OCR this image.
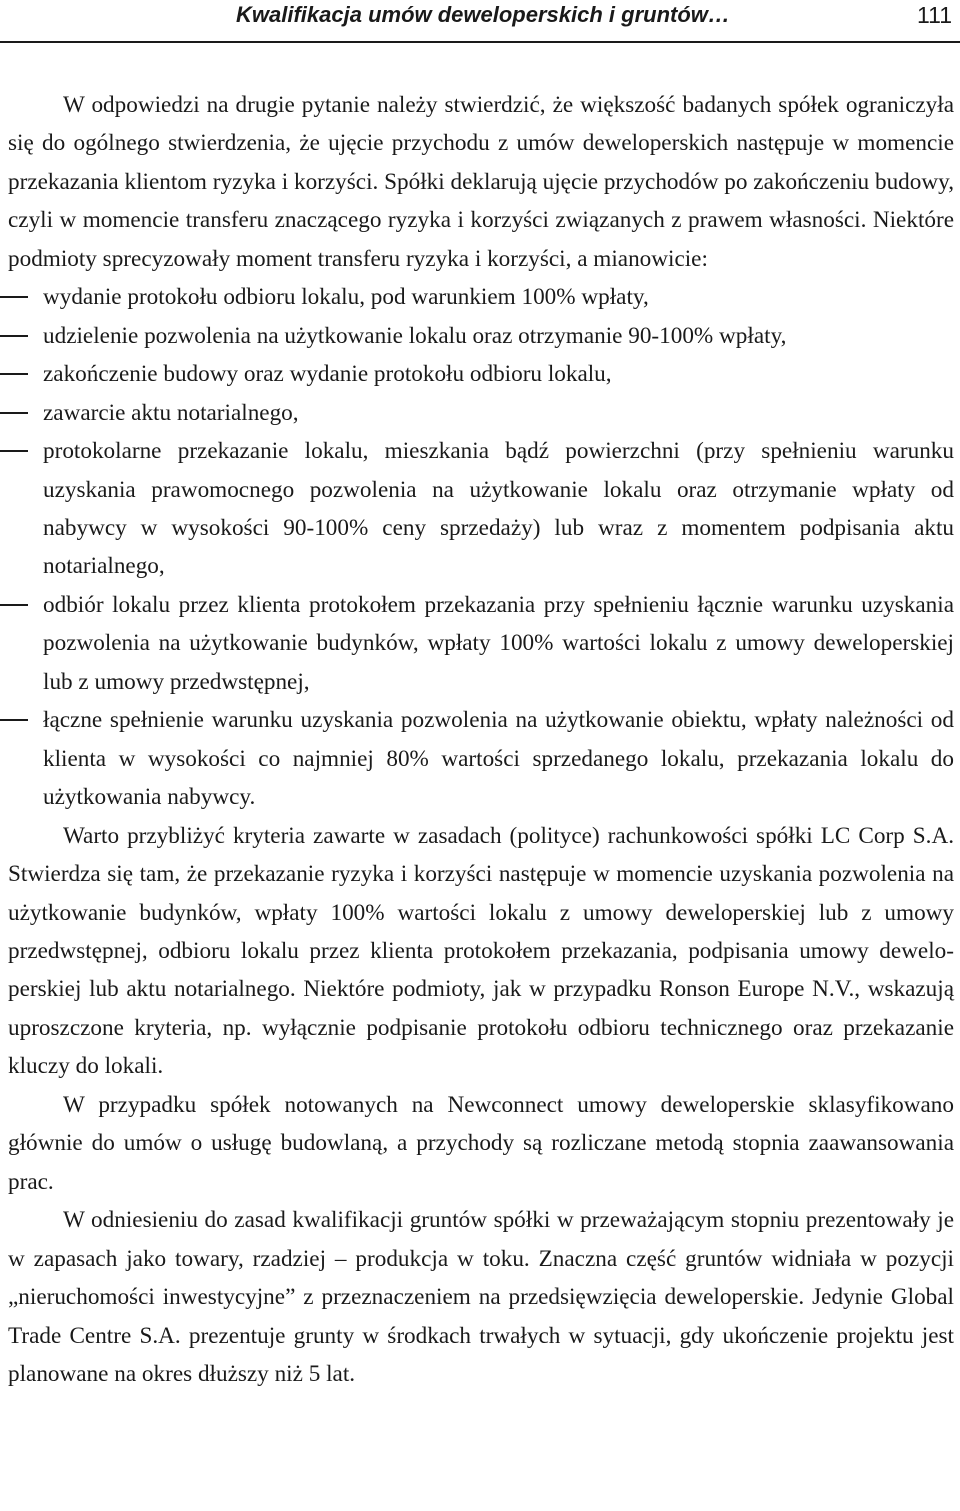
Kwalifikacja umów deweloperskich i gruntów…	111

W odpowiedzi na drugie pytanie należy stwierdzić, że większość badanych spółek ograniczyła się do ogólnego stwierdzenia, że ujęcie przychodu z umów deweloperskich następuje w momencie przekazania klientom ryzyka i korzyści. Spółki deklarują ujęcie przychodów po zakończeniu budowy, czyli w momencie transferu znaczącego ryzyka i korzyści związanych z prawem własności. Niektóre podmioty sprecyzowały moment transferu ryzyka i korzyści, a mianowicie:

wydanie protokołu odbioru lokalu, pod warunkiem 100% wpłaty,
udzielenie pozwolenia na użytkowanie lokalu oraz otrzymanie 90-100% wpłaty,
zakończenie budowy oraz wydanie protokołu odbioru lokalu,
zawarcie aktu notarialnego,
protokolarne przekazanie lokalu, mieszkania bądź powierzchni (przy spełnieniu warunku uzyskania prawomocnego pozwolenia na użytkowanie lokalu oraz otrzymanie wpłaty od nabywcy w wysokości 90-100% ceny sprzedaży) lub wraz z momentem podpisania aktu notarialnego,
odbiór lokalu przez klienta protokołem przekazania przy spełnieniu łącznie warunku uzyskania pozwolenia na użytkowanie budynków, wpłaty 100% wartości lokalu z umowy deweloperskiej lub z umowy przedwstępnej,
łączne spełnienie warunku uzyskania pozwolenia na użytkowanie obiektu, wpłaty należności od klienta w wysokości co najmniej 80% wartości sprzedanego lokalu, przekazania lokalu do użytkowania nabywcy.

Warto przybliżyć kryteria zawarte w zasadach (polityce) rachunkowości spółki LC Corp S.A. Stwierdza się tam, że przekazanie ryzyka i korzyści następuje w momencie uzyskania pozwolenia na użytkowanie budynków, wpłaty 100% wartości lokalu z umowy deweloperskiej lub z umowy przedwstępnej, odbioru lokalu przez klienta protokołem przekazania, podpisania umowy deweloperskiej lub aktu notarialnego. Niektóre podmioty, jak w przypadku Ronson Europe N.V., wskazują uproszczone kryteria, np. wyłącznie podpisanie protokołu odbioru technicznego oraz przekazanie kluczy do lokali.

W przypadku spółek notowanych na Newconnect umowy deweloperskie sklasyfikowano głównie do umów o usługę budowlaną, a przychody są rozliczane metodą stopnia zaawansowania prac.

W odniesieniu do zasad kwalifikacji gruntów spółki w przeważającym stopniu prezentowały je w zapasach jako towary, rzadziej – produkcja w toku. Znaczna część gruntów widniała w pozycji „nieruchomości inwestycyjne” z przeznaczeniem na przedsięwzięcia deweloperskie. Jedynie Global Trade Centre S.A. prezentuje grunty w środkach trwałych w sytuacji, gdy ukończenie projektu jest planowane na okres dłuższy niż 5 lat.
